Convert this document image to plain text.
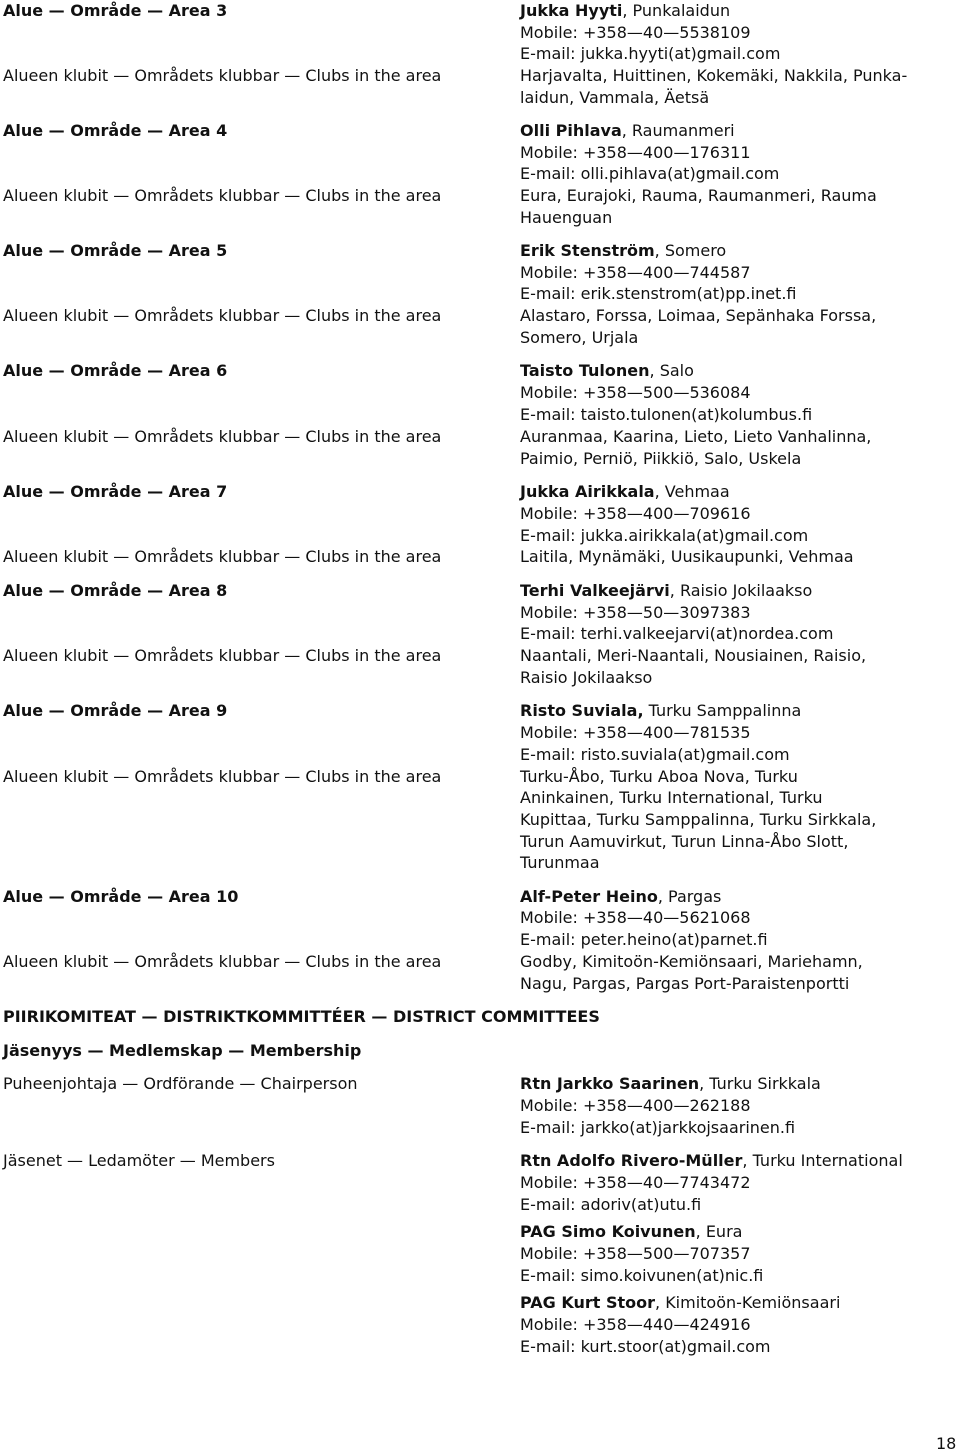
Alue — Område — Area 3	Jukka Hyyti, Punkalaidun
Mobile: +358—40—5538109
E-mail: jukka.hyyti(at)gmail.com
Alueen klubit — Områdets klubbar — Clubs in the area	Harjavalta, Huittinen, Kokemäki, Nakkila, Punka-
laidun, Vammala, Äetsä
Alue — Område — Area 4	Olli Pihlava, Raumanmeri
Mobile: +358—400—176311
E-mail: olli.pihlava(at)gmail.com
Alueen klubit — Områdets klubbar — Clubs in the area	Eura, Eurajoki, Rauma, Raumanmeri, Rauma
Hauenguan
Alue — Område — Area 5	Erik Stenström, Somero
Mobile: +358—400—744587
E-mail: erik.stenstrom(at)pp.inet.fi
Alueen klubit — Områdets klubbar — Clubs in the area	Alastaro, Forssa, Loimaa, Sepänhaka Forssa,
Somero, Urjala
Alue — Område — Area 6	Taisto Tulonen, Salo
Mobile: +358—500—536084
E-mail: taisto.tulonen(at)kolumbus.fi
Alueen klubit — Områdets klubbar — Clubs in the area	Auranmaa, Kaarina, Lieto, Lieto Vanhalinna,
Paimio, Perniö, Piikkiö, Salo, Uskela
Alue — Område — Area 7	Jukka Airikkala, Vehmaa
Mobile: +358—400—709616
E-mail: jukka.airikkala(at)gmail.com
Alueen klubit — Områdets klubbar — Clubs in the area	Laitila, Mynämäki, Uusikaupunki, Vehmaa
Alue — Område — Area 8	Terhi Valkeejärvi, Raisio Jokilaakso
Mobile: +358—50—3097383
E-mail: terhi.valkeejarvi(at)nordea.com
Alueen klubit — Områdets klubbar — Clubs in the area	Naantali, Meri-Naantali, Nousiainen, Raisio,
Raisio Jokilaakso
Alue — Område — Area 9	Risto Suviala, Turku Samppalinna
Mobile: +358—400—781535
E-mail: risto.suviala(at)gmail.com
Alueen klubit — Områdets klubbar — Clubs in the area	Turku-Åbo, Turku Aboa Nova, Turku
Aninkainen, Turku International, Turku
Kupittaa, Turku Samppalinna, Turku Sirkkala,
Turun Aamuvirkut, Turun Linna-Åbo Slott,
Turunmaa
Alue — Område — Area 10	Alf-Peter Heino, Pargas
Mobile: +358—40—5621068
E-mail: peter.heino(at)parnet.fi
Alueen klubit — Områdets klubbar — Clubs in the area	Godby, Kimitoön-Kemiönsaari, Mariehamn,
Nagu, Pargas, Pargas Port-Paraistenportti
PIIRIKOMITEAT — DISTRIKTKOMMITTÉER — DISTRICT COMMITTEES
Jäsenyys — Medlemskap — Membership
Puheenjohtaja — Ordförande — Chairperson	Rtn Jarkko Saarinen, Turku Sirkkala
Mobile: +358—400—262188
E-mail: jarkko(at)jarkkojsaarinen.fi
Jäsenet — Ledamöter — Members	Rtn Adolfo Rivero-Müller, Turku International
Mobile: +358—40—7743472
E-mail: adoriv(at)utu.fi
PAG Simo Koivunen, Eura
Mobile: +358—500—707357
E-mail: simo.koivunen(at)nic.fi
PAG Kurt Stoor, Kimitoön-Kemiönsaari
Mobile: +358—440—424916
E-mail: kurt.stoor(at)gmail.com
18
